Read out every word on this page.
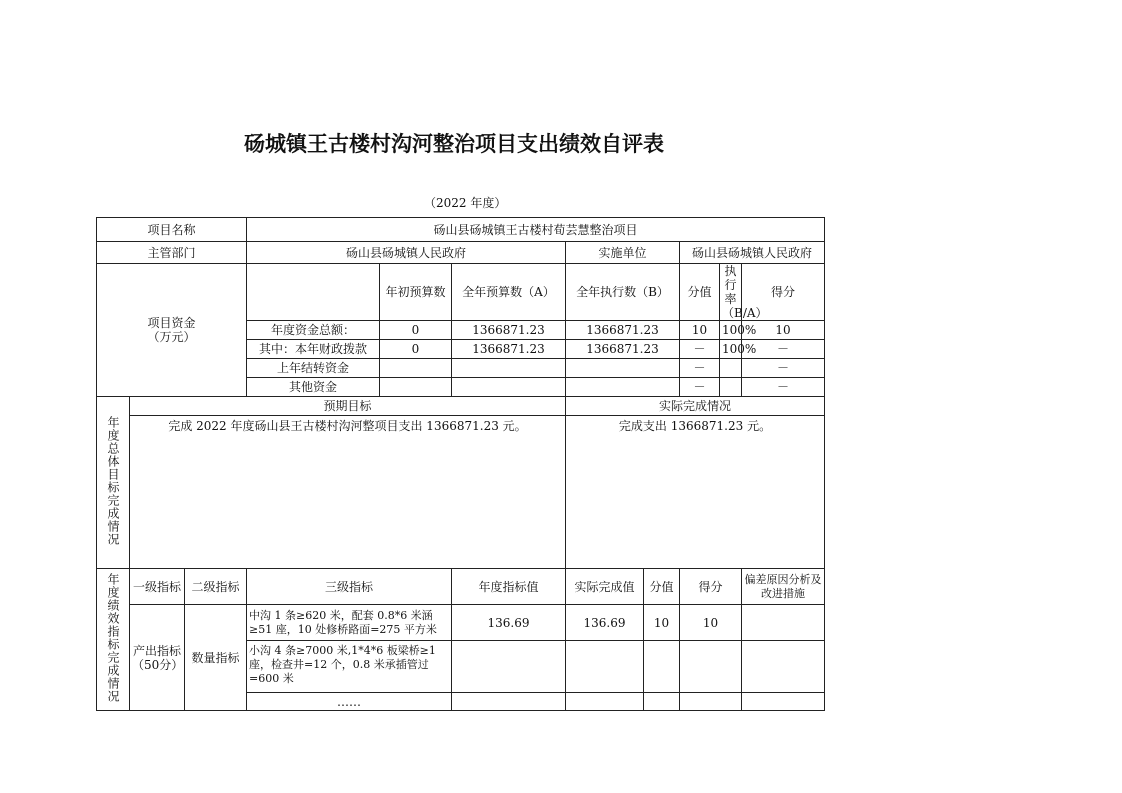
砀城镇王古楼村沟河整治项目支出绩效自评表
（2022 年度）
项目名称			砀山县砀城镇王古楼村荀芸慧整治项目							
主管部门			砀山县砀城镇人民政府			实施单位		砀山县砀城镇人民政府		

项目资金
（万元）				年初预算数	全年预算数（A）	全年执行数（B）		分值	执行率（B/A）	得分
			年度资金总额：	0	1366871.23	1366871.23		10	100%	10
			其中：本年财政拨款	0	1366871.23	1366871.23		－	100%	－
			上年结转资金					－		－
			其他资金					－		－
年度总体目标完成情况	预期目标					实际完成情况				
	完成 2022 年度砀山县王古楼村沟河整项目支出 1366871.23 元。					完成支出 1366871.23 元。				
年度绩效指标完成情况	一级指标	二级指标	三级指标		年度指标值	实际完成值	分值	得分		偏差原因分析及改进措施
	产出指标（50分）	数量指标	中沟 1 条≥620 米，配套 0.8*6 米涵≥51 座，10 处修桥路面=275 平方米		136.69	136.69	10	10		
			小沟 4 条≥7000 米,1*4*6 板梁桥≥1 座，检查井=12 个，0.8 米承插管过=600 米							
			……							
